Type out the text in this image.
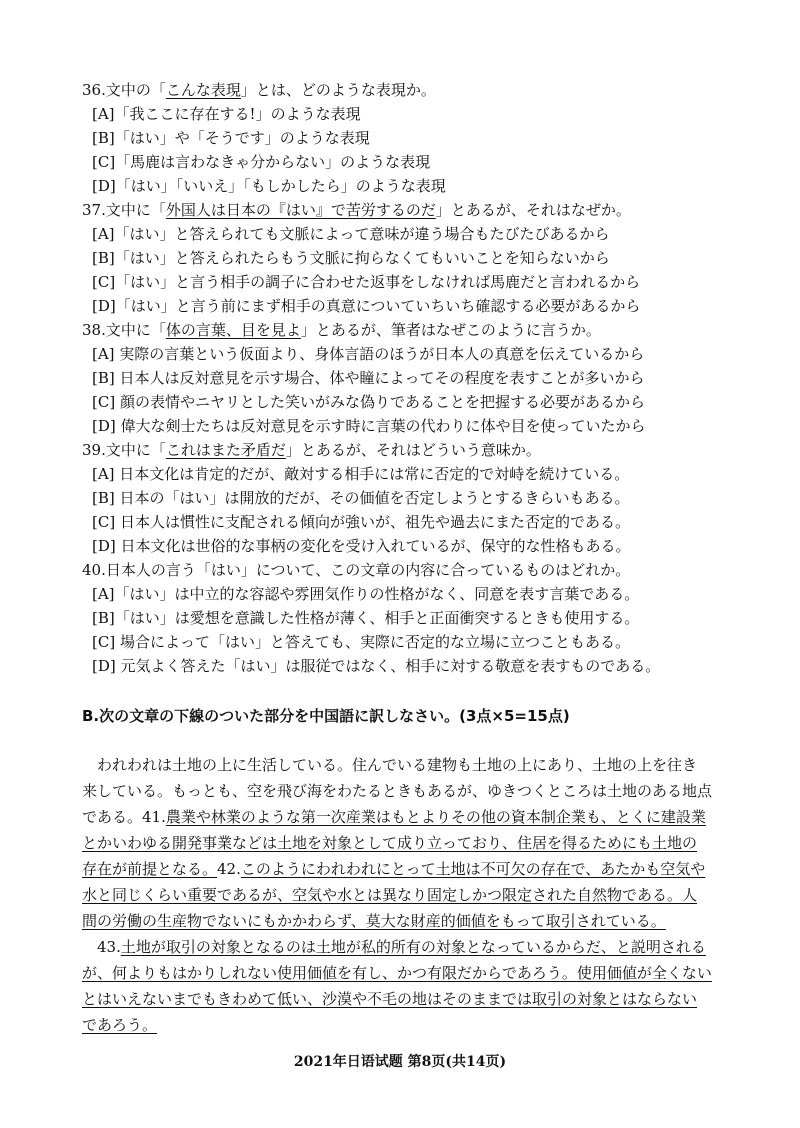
36.文中の「こんな表現」とは、どのような表現か。
[A]「我ここに存在する!」のような表現
[B]「はい」や「そうです」のような表現
[C]「馬鹿は言わなきゃ分からない」のような表現
[D]「はい」「いいえ」「もしかしたら」のような表現
37.文中に「外国人は日本の『はい』で苦労するのだ」とあるが、それはなぜか。
[A]「はい」と答えられても文脈によって意味が違う場合もたびたびあるから
[B]「はい」と答えられたらもう文脈に拘らなくてもいいことを知らないから
[C]「はい」と言う相手の調子に合わせた返事をしなければ馬鹿だと言われるから
[D]「はい」と言う前にまず相手の真意についていちいち確認する必要があるから
38.文中に「体の言葉、目を見よ」とあるが、筆者はなぜこのように言うか。
[A] 実際の言葉という仮面より、身体言語のほうが日本人の真意を伝えているから
[B] 日本人は反対意見を示す場合、体や瞳によってその程度を表すことが多いから
[C] 顔の表情やニヤリとした笑いがみな偽りであることを把握する必要があるから
[D] 偉大な剣士たちは反対意見を示す時に言葉の代わりに体や目を使っていたから
39.文中に「これはまた矛盾だ」とあるが、それはどういう意味か。
[A] 日本文化は肯定的だが、敵対する相手には常に否定的で対峙を続けている。
[B] 日本の「はい」は開放的だが、その価値を否定しようとするきらいもある。
[C] 日本人は慣性に支配される傾向が強いが、祖先や過去にまた否定的である。
[D] 日本文化は世俗的な事柄の変化を受け入れているが、保守的な性格もある。
40.日本人の言う「はい」について、この文章の内容に合っているものはどれか。
[A]「はい」は中立的な容認や雰囲気作りの性格がなく、同意を表す言葉である。
[B]「はい」は愛想を意識した性格が薄く、相手と正面衝突するときも使用する。
[C] 場合によって「はい」と答えても、実際に否定的な立場に立つこともある。
[D] 元気よく答えた「はい」は服従ではなく、相手に対する敬意を表すものである。
B.次の文章の下線のついた部分を中国語に訳しなさい。(3点×5=15点)
　われわれは土地の上に生活している。住んでいる建物も土地の上にあり、土地の上を往き
来している。もっとも、空を飛び海をわたるときもあるが、ゆきつくところは土地のある地点
である。41.農業や林業のような第一次産業はもとよりその他の資本制企業も、とくに建設業
とかいわゆる開発事業などは土地を対象として成り立っており、住居を得るためにも土地の
存在が前提となる。42.このようにわれわれにとって土地は不可欠の存在で、あたかも空気や
水と同じくらい重要であるが、空気や水とは異なり固定しかつ限定された自然物である。人
間の労働の生産物でないにもかかわらず、莫大な財産的価値をもって取引されている。
　43.土地が取引の対象となるのは土地が私的所有の対象となっているからだ、と説明される
が、何よりもはかりしれない使用価値を有し、かつ有限だからであろう。使用価値が全くない
とはいえないまでもきわめて低い、沙漠や不毛の地はそのままでは取引の対象とはならない
であろう。
2021年日语试题 第8页(共14页)
